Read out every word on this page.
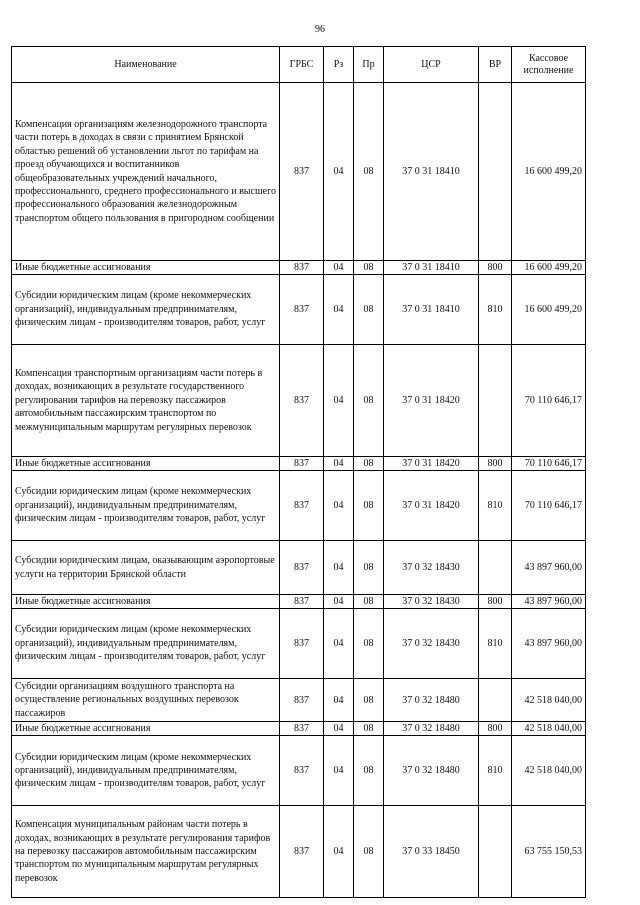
96
Наименование	ГРБС	Рз	Пр	ЦСР	ВР	Кассовое исполнение
Компенсация организациям железнодорожного транспорта части потерь в доходах в связи с принятием Брянской областью решений об установлении льгот по тарифам на проезд обучающихся и воспитанников общеобразовательных учреждений начального, профессионального, среднего профессионального и высшего профессионального образования железнодорожным транспортом общего пользования в пригородном сообщении	837	04	08	37 0 31 18410		16 600 499,20
Иные бюджетные ассигнования	837	04	08	37 0 31 18410	800	16 600 499,20
Субсидии юридическим лицам (кроме некоммерческих организаций), индивидуальным предпринимателям, физическим лицам - производителям товаров, работ, услуг	837	04	08	37 0 31 18410	810	16 600 499,20
Компенсация транспортным организациям части потерь в доходах, возникающих в результате государственного регулирования тарифов на перевозку пассажиров автомобильным пассажирским транспортом по межмуниципальным маршрутам регулярных перевозок	837	04	08	37 0 31 18420		70 110 646,17
Иные бюджетные ассигнования	837	04	08	37 0 31 18420	800	70 110 646,17
Субсидии юридическим лицам (кроме некоммерческих организаций), индивидуальным предпринимателям, физическим лицам - производителям товаров, работ, услуг	837	04	08	37 0 31 18420	810	70 110 646,17
Субсидии юридическим лицам, оказывающим аэропортовые услуги на территории Брянской области	837	04	08	37 0 32 18430		43 897 960,00
Иные бюджетные ассигнования	837	04	08	37 0 32 18430	800	43 897 960,00
Субсидии юридическим лицам (кроме некоммерческих организаций), индивидуальным предпринимателям, физическим лицам - производителям товаров, работ, услуг	837	04	08	37 0 32 18430	810	43 897 960,00
Субсидии организациям воздушного транспорта на осуществление региональных воздушных перевозок пассажиров	837	04	08	37 0 32 18480		42 518 040,00
Иные бюджетные ассигнования	837	04	08	37 0 32 18480	800	42 518 040,00
Субсидии юридическим лицам (кроме некоммерческих организаций), индивидуальным предпринимателям, физическим лицам - производителям товаров, работ, услуг	837	04	08	37 0 32 18480	810	42 518 040,00
Компенсация муниципальным районам части потерь в доходах, возникающих в результате регулирования тарифов на перевозку пассажиров автомобильным пассажирским транспортом по муниципальным маршрутам регулярных перевозок	837	04	08	37 0 33 18450		63 755 150,53
